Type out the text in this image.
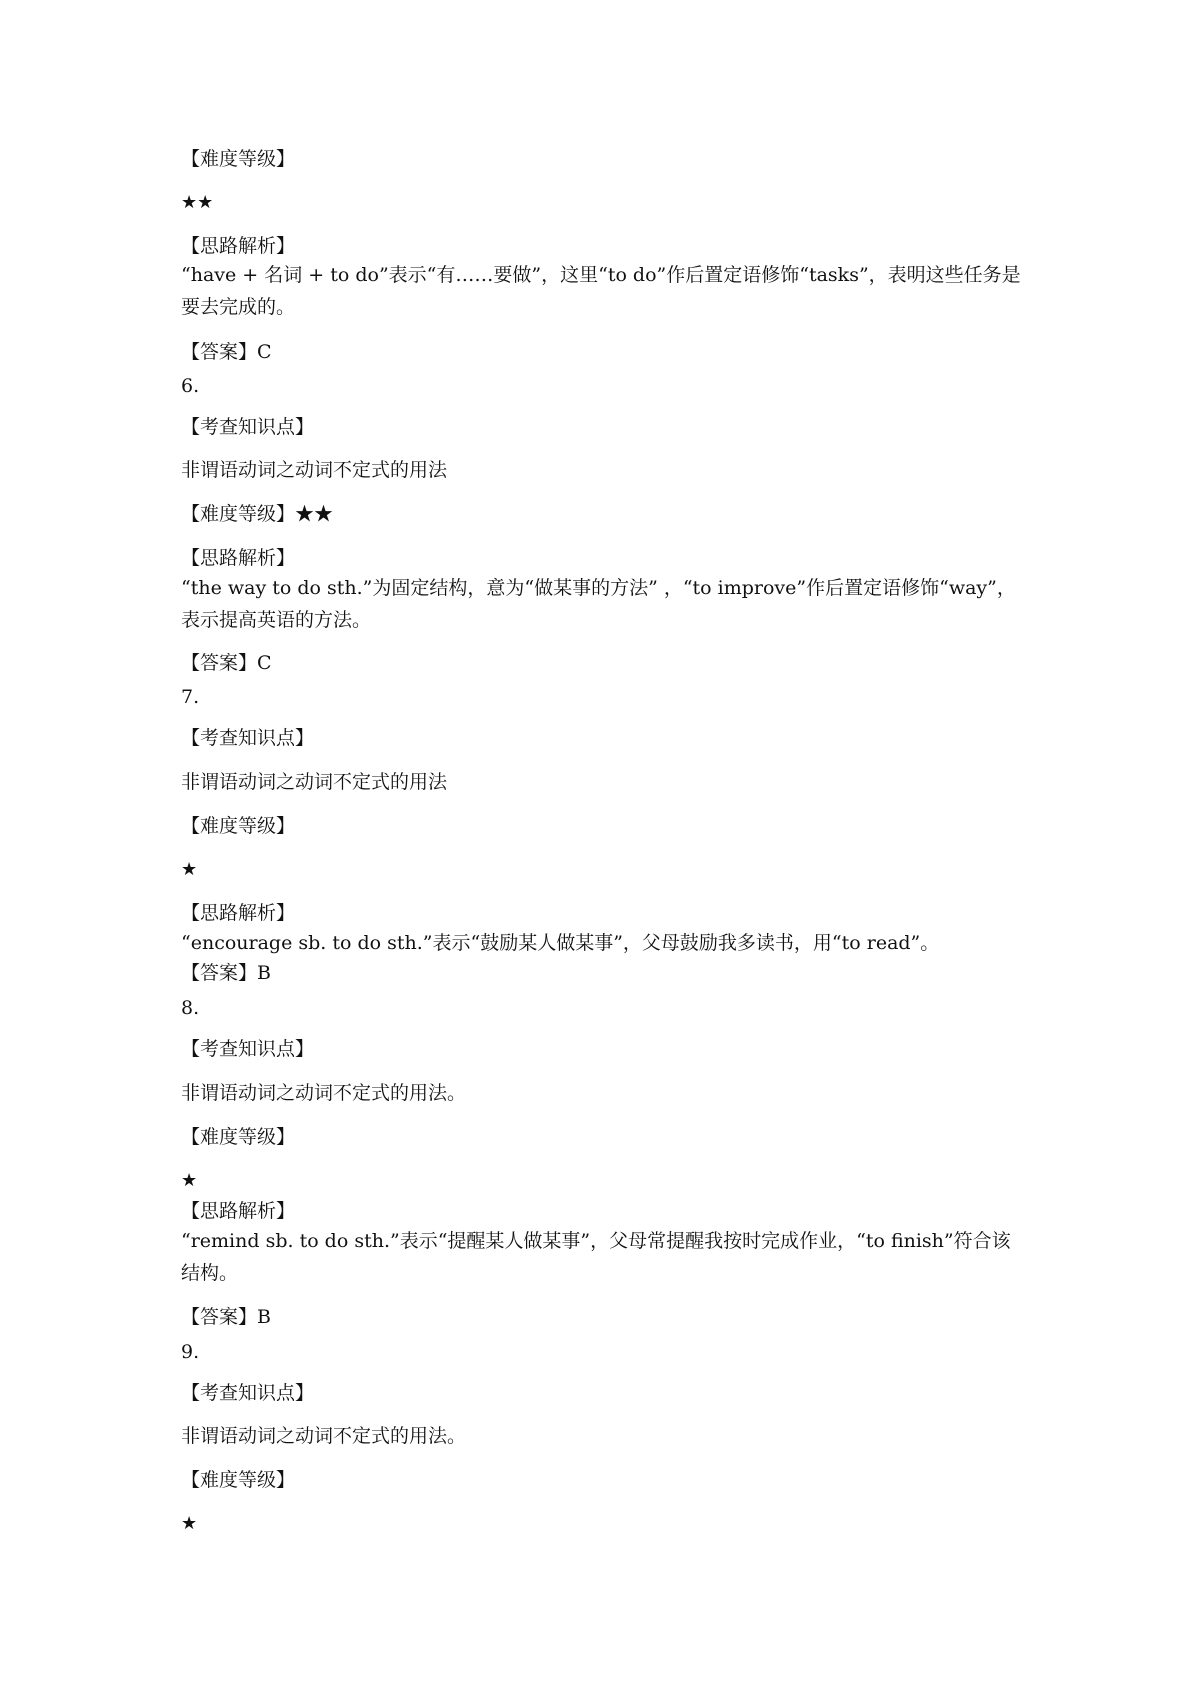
【难度等级】
★★
【思路解析】
“have + 名词 + to do”表示“有……要做”，这里“to do”作后置定语修饰“tasks”，表明这些任务是要去完成的。
【答案】C
6.
【考查知识点】
非谓语动词之动词不定式的用法
【难度等级】★★
【思路解析】
“the way to do sth.”为固定结构，意为“做某事的方法” ，“to improve”作后置定语修饰“way”，表示提高英语的方法。
【答案】C
7.
【考查知识点】
非谓语动词之动词不定式的用法
【难度等级】
★
【思路解析】
“encourage sb. to do sth.”表示“鼓励某人做某事”，父母鼓励我多读书，用“to read”。
【答案】B
8.
【考查知识点】
非谓语动词之动词不定式的用法。
【难度等级】
★
【思路解析】
“remind sb. to do sth.”表示“提醒某人做某事”，父母常提醒我按时完成作业，“to finish”符合该结构。
【答案】B
9.
【考查知识点】
非谓语动词之动词不定式的用法。
【难度等级】
★
